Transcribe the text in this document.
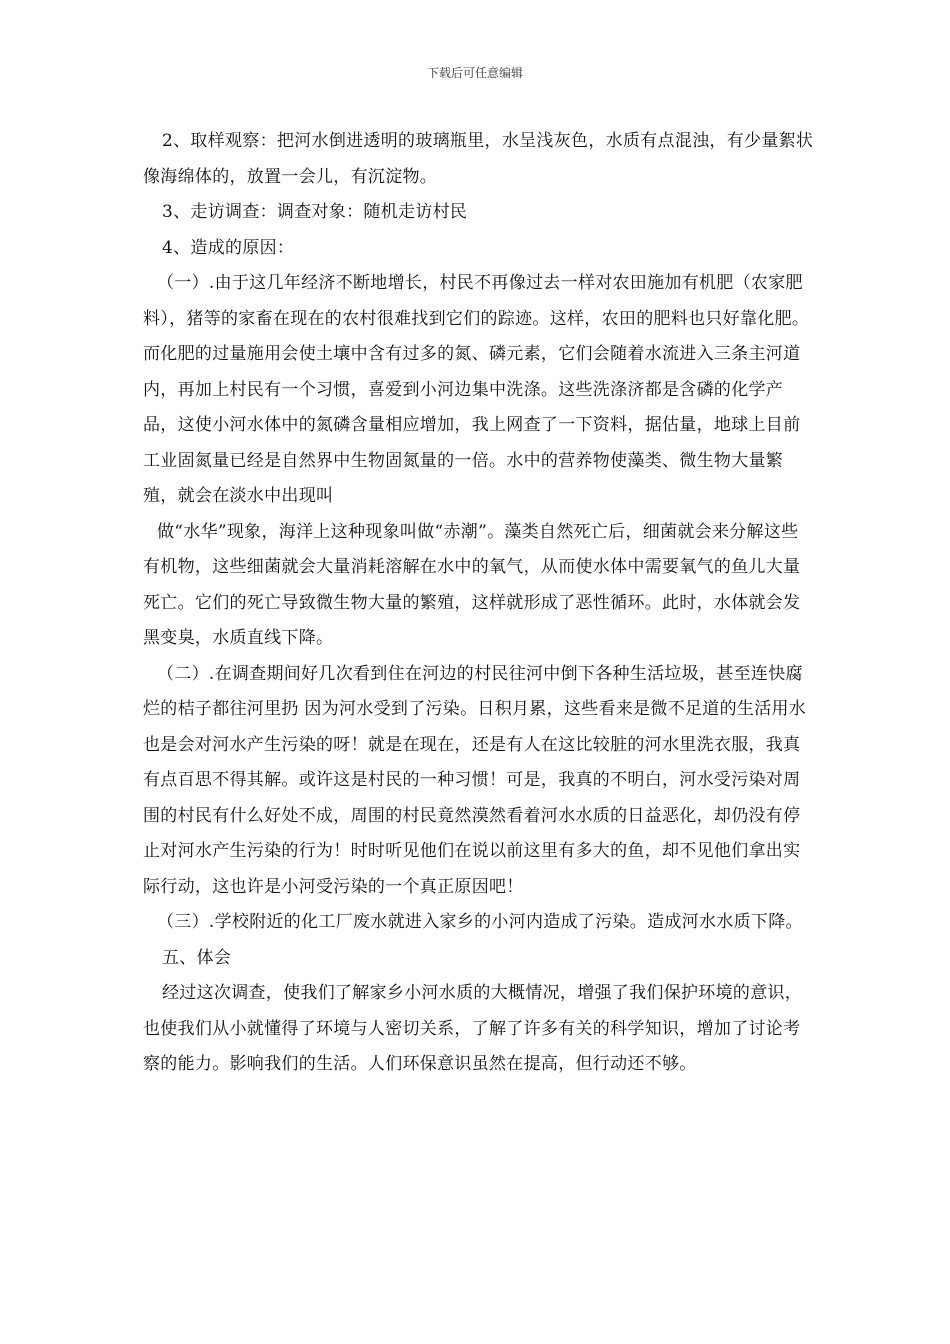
下载后可任意编辑

2、取样观察：把河水倒进透明的玻璃瓶里，水呈浅灰色，水质有点混浊，有少量絮状像海绵体的，放置一会儿，有沉淀物。

3、走访调查：调查对象：随机走访村民

4、造成的原因：

（一）.由于这几年经济不断地增长，村民不再像过去一样对农田施加有机肥（农家肥料），猪等的家畜在现在的农村很难找到它们的踪迹。这样，农田的肥料也只好靠化肥。而化肥的过量施用会使土壤中含有过多的氮、磷元素，它们会随着水流进入三条主河道内，再加上村民有一个习惯，喜爱到小河边集中洗涤。这些洗涤济都是含磷的化学产品，这使小河水体中的氮磷含量相应增加，我上网查了一下资料，据估量，地球上目前工业固氮量已经是自然界中生物固氮量的一倍。水中的营养物使藻类、微生物大量繁殖，就会在淡水中出现叫

做“水华”现象，海洋上这种现象叫做“赤潮”。藻类自然死亡后，细菌就会来分解这些有机物，这些细菌就会大量消耗溶解在水中的氧气，从而使水体中需要氧气的鱼儿大量死亡。它们的死亡导致微生物大量的繁殖，这样就形成了恶性循环。此时，水体就会发黑变臭，水质直线下降。

（二）.在调查期间好几次看到住在河边的村民往河中倒下各种生活垃圾，甚至连快腐烂的桔子都往河里扔 因为河水受到了污染。日积月累，这些看来是微不足道的生活用水也是会对河水产生污染的呀！就是在现在，还是有人在这比较脏的河水里洗衣服，我真有点百思不得其解。或许这是村民的一种习惯！可是，我真的不明白，河水受污染对周围的村民有什么好处不成，周围的村民竟然漠然看着河水水质的日益恶化，却仍没有停止对河水产生污染的行为！时时听见他们在说以前这里有多大的鱼，却不见他们拿出实际行动，这也许是小河受污染的一个真正原因吧！

（三）.学校附近的化工厂废水就进入家乡的小河内造成了污染。造成河水水质下降。

五、体会

经过这次调查，使我们了解家乡小河水质的大概情况，增强了我们保护环境的意识，也使我们从小就懂得了环境与人密切关系，了解了许多有关的科学知识，增加了讨论考察的能力。影响我们的生活。人们环保意识虽然在提高，但行动还不够。
